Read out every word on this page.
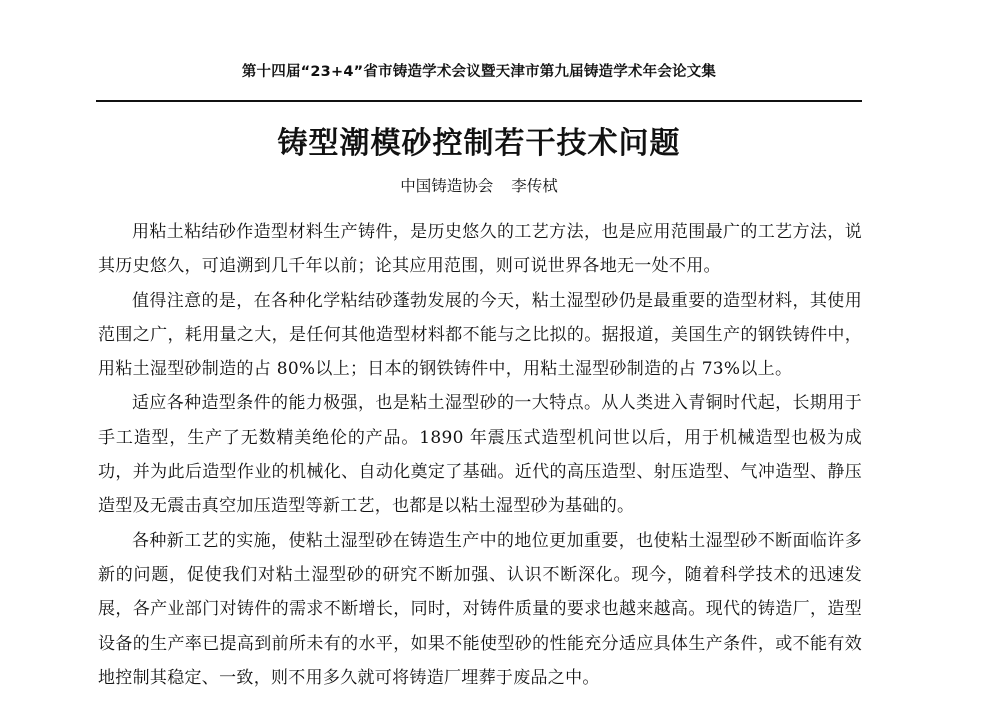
第十四届“23+4”省市铸造学术会议暨天津市第九届铸造学术年会论文集
铸型潮模砂控制若干技术问题
中国铸造协会 李传栻

用粘土粘结砂作造型材料生产铸件，是历史悠久的工艺方法，也是应用范围最广的工艺方法，说其历史悠久，可追溯到几千年以前；论其应用范围，则可说世界各地无一处不用。

值得注意的是，在各种化学粘结砂蓬勃发展的今天，粘土湿型砂仍是最重要的造型材料，其使用范围之广，耗用量之大，是任何其他造型材料都不能与之比拟的。据报道，美国生产的钢铁铸件中，用粘土湿型砂制造的占 80%以上；日本的钢铁铸件中，用粘土湿型砂制造的占 73%以上。

适应各种造型条件的能力极强，也是粘土湿型砂的一大特点。从人类进入青铜时代起，长期用于手工造型，生产了无数精美绝伦的产品。1890 年震压式造型机问世以后，用于机械造型也极为成功，并为此后造型作业的机械化、自动化奠定了基础。近代的高压造型、射压造型、气冲造型、静压造型及无震击真空加压造型等新工艺，也都是以粘土湿型砂为基础的。

各种新工艺的实施，使粘土湿型砂在铸造生产中的地位更加重要，也使粘土湿型砂不断面临许多新的问题，促使我们对粘土湿型砂的研究不断加强、认识不断深化。现今，随着科学技术的迅速发展，各产业部门对铸件的需求不断增长，同时，对铸件质量的要求也越来越高。现代的铸造厂，造型设备的生产率已提高到前所未有的水平，如果不能使型砂的性能充分适应具体生产条件，或不能有效地控制其稳定、一致，则不用多久就可将铸造厂埋葬于废品之中。
